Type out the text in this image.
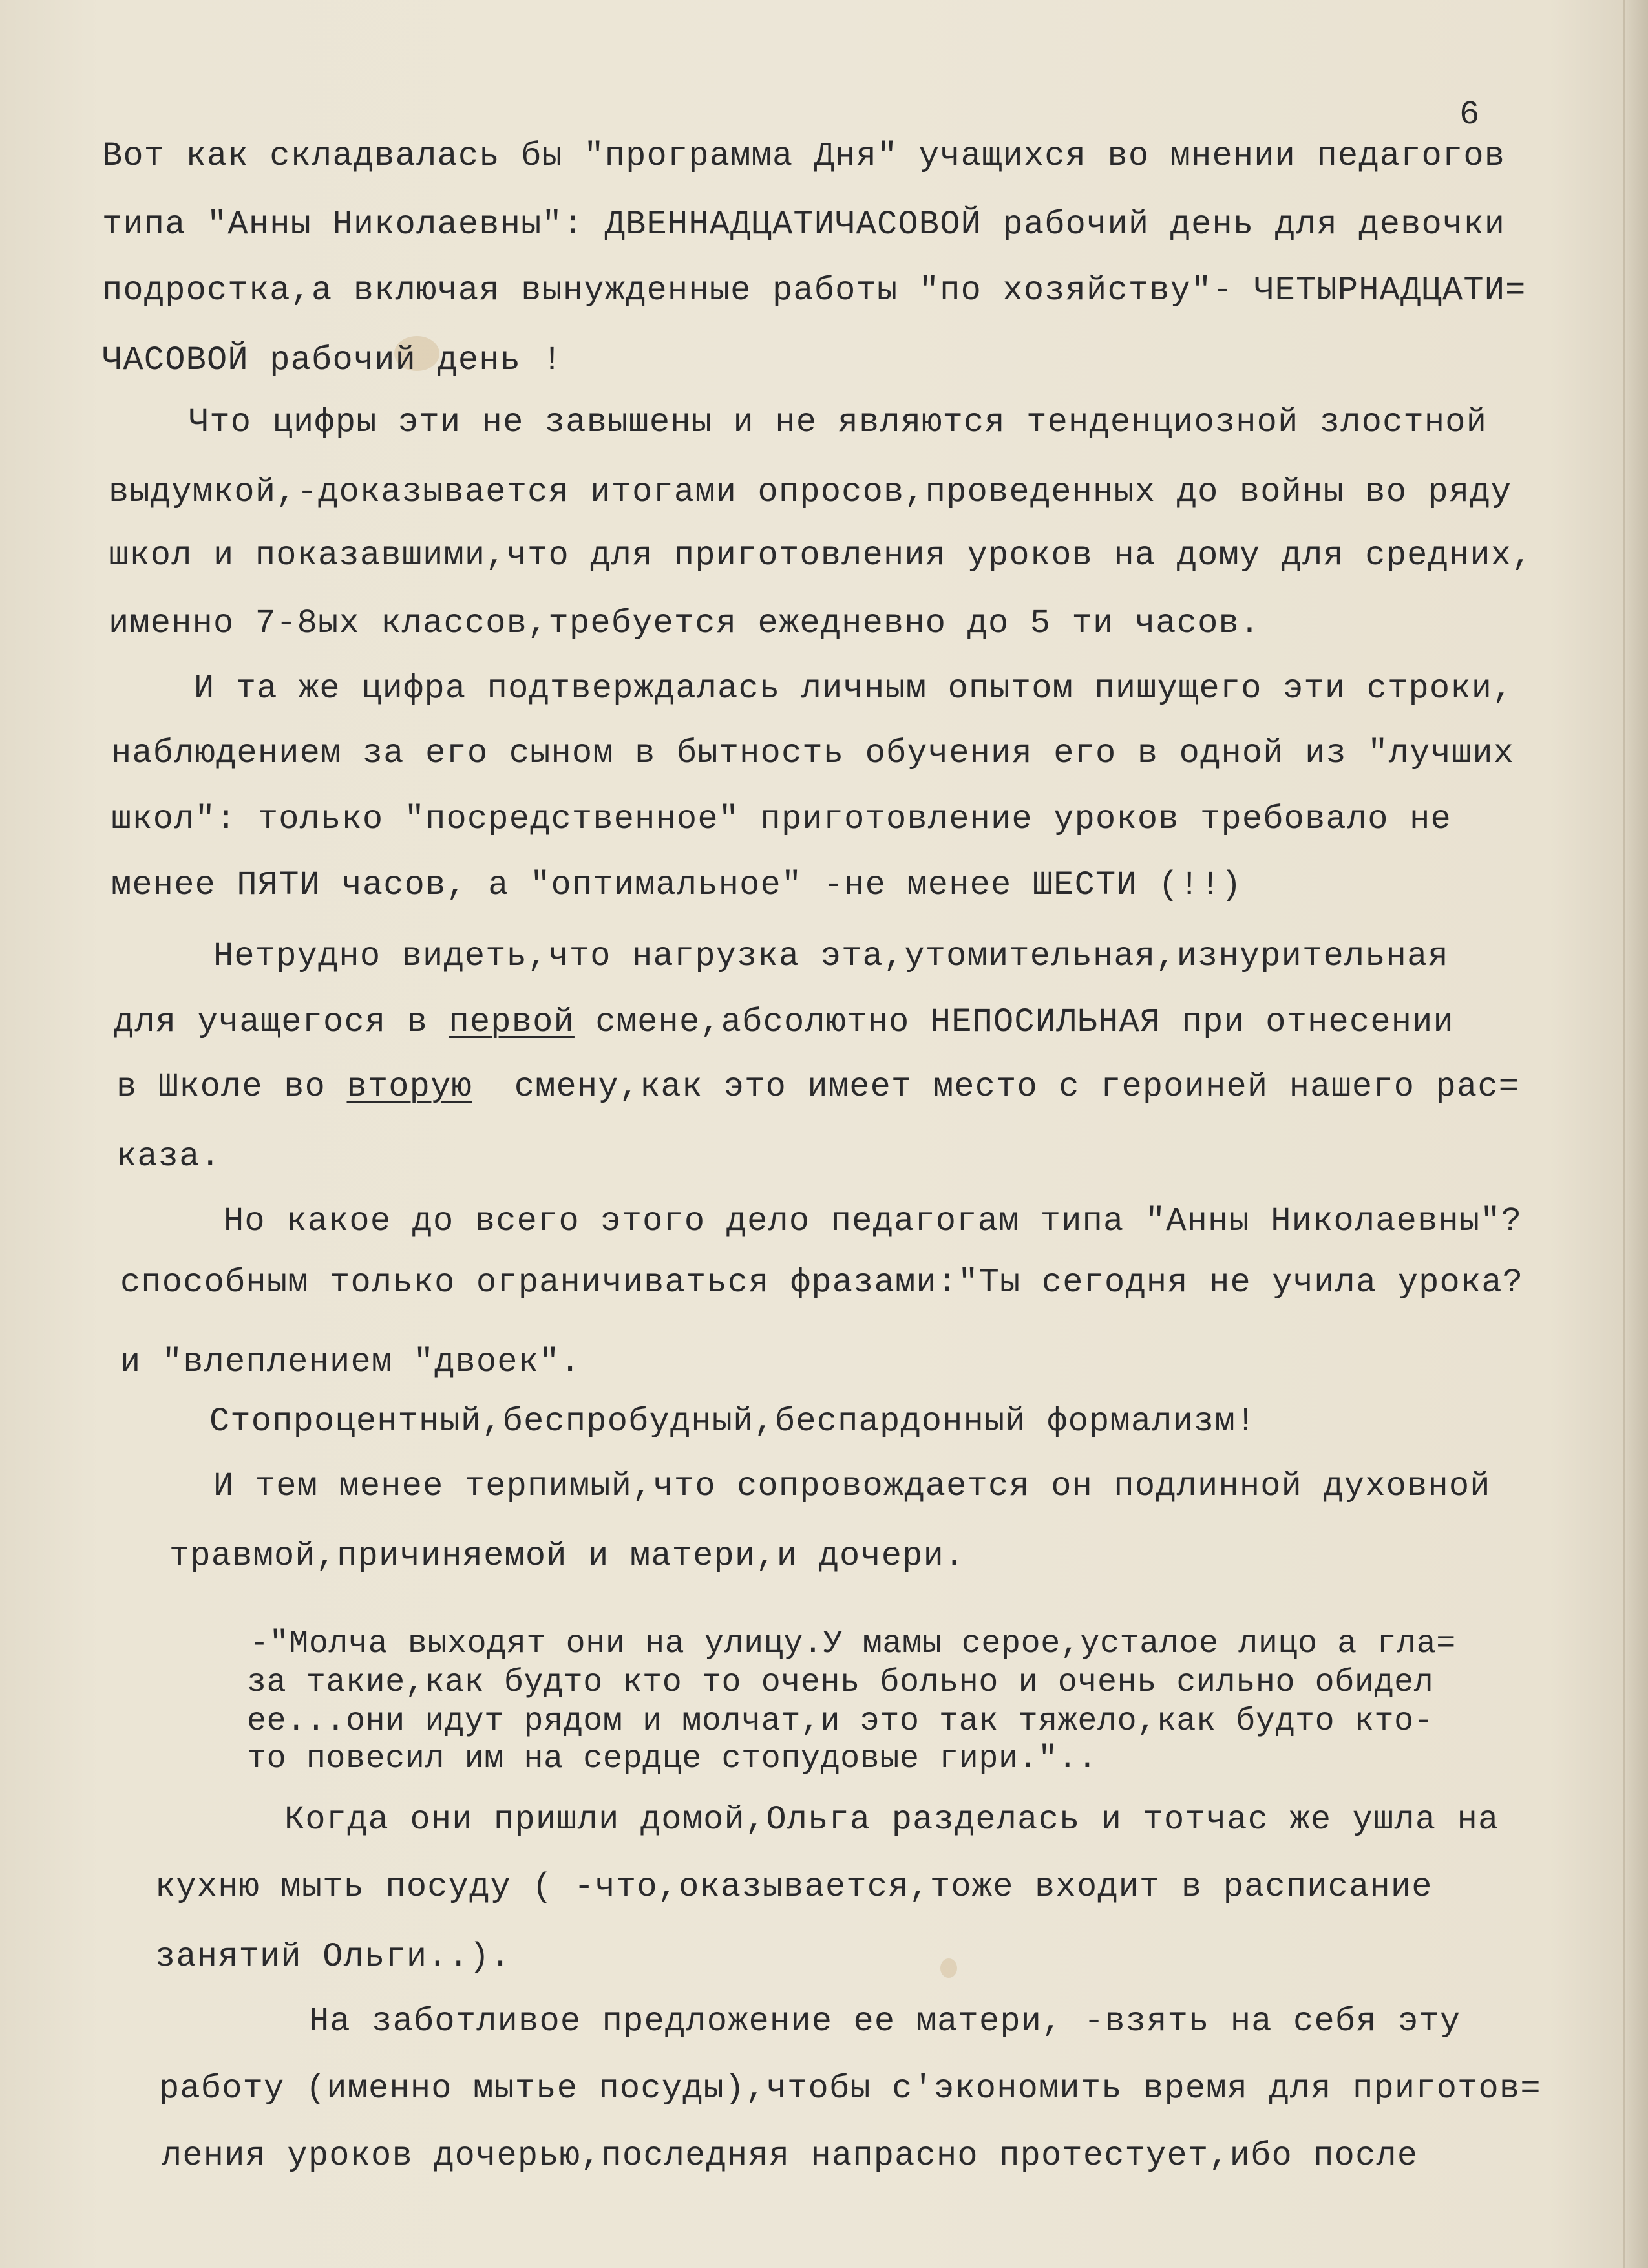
6
Вот как складвалась бы "программа Дня" учащихся во мнении педагогов
типа "Анны Николаевны": ДВЕННАДЦАТИЧАСОВОЙ рабочий день для девочки
подростка,а включая вынужденные работы "по хозяйству"- ЧЕТЫРНАДЦАТИ=
ЧАСОВОЙ рабочий день !
Что цифры эти не завышены и не являются тенденциозной злостной
выдумкой,-доказывается итогами опросов,проведенных до войны во ряду
школ и показавшими,что для приготовления уроков на дому для средних,
именно 7-8ых классов,требуется ежедневно до 5 ти часов.
И та же цифра подтверждалась личным опытом пишущего эти строки,
наблюдением за его сыном в бытность обучения его в одной из "лучших
школ": только "посредственное" приготовление уроков требовало не
менее ПЯТИ часов, а "оптимальное" -не менее ШЕСТИ (!!)
Нетрудно видеть,что нагрузка эта,утомительная,изнурительная
для учащегося в первой смене,абсолютно НЕПОСИЛЬНАЯ при отнесении
в Школе во вторую смену,как это имеет место с героиней нашего рас=
каза.
Но какое до всего этого дело педагогам типа "Анны Николаевны"?
способным только ограничиваться фразами:"Ты сегодня не учила урока?
и "влеплением "двоек".
Стопроцентный,беспробудный,беспардонный формализм!
И тем менее терпимый,что сопровождается он подлинной духовной
травмой,причиняемой и матери,и дочери.
-"Молча выходят они на улицу.У мамы серое,усталое лицо а гла=
за такие,как будто кто то очень больно и очень сильно обидел
ее...они идут рядом и молчат,и это так тяжело,как будто кто-
то повесил им на сердце стопудовые гири."..
Когда они пришли домой,Ольга разделась и тотчас же ушла на
кухню мыть посуду ( -что,оказывается,тоже входит в расписание
занятий Ольги..).
На заботливое предложение ее матери, -взять на себя эту
работу (именно мытье посуды),чтобы с'экономить время для приготов=
ления уроков дочерью,последняя напрасно протестует,ибо после
